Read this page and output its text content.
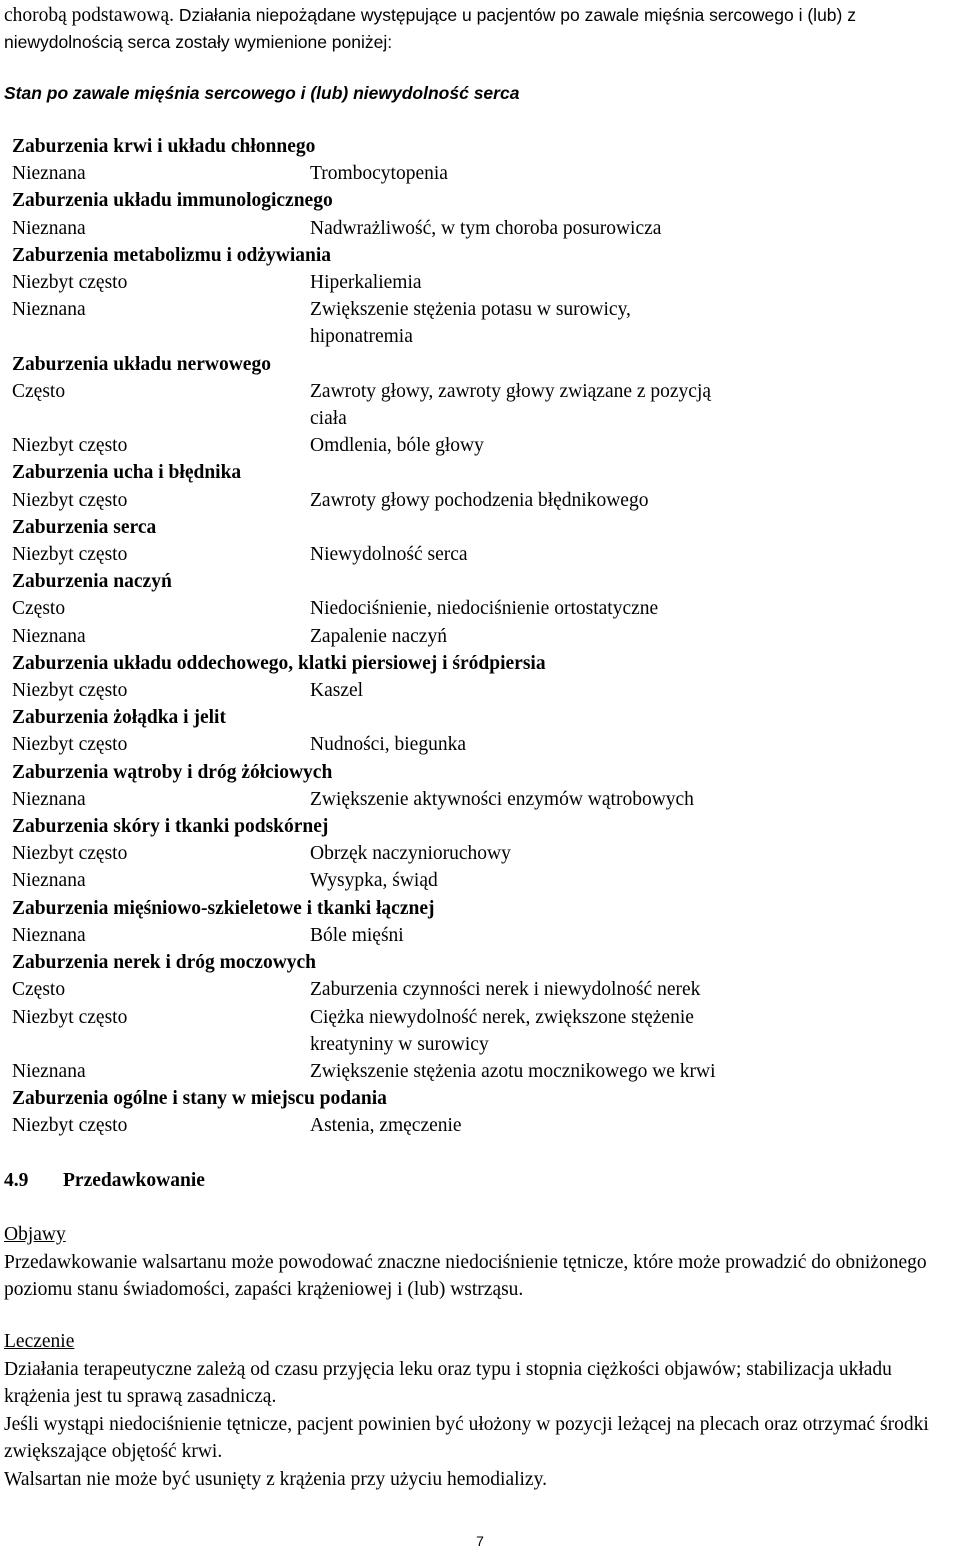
chorobą podstawową. Działania niepożądane występujące u pacjentów po zawale mięśnia sercowego i (lub) z niewydolnością serca zostały wymienione poniżej:

Stan po zawale mięśnia sercowego i (lub) niewydolność serca
Zaburzenia krwi i układu chłonnego
Nieznana	Trombocytopenia
Zaburzenia układu immunologicznego
Nieznana	Nadwrażliwość, w tym choroba posurowicza
Zaburzenia metabolizmu i odżywiania
Niezbyt często	Hiperkaliemia
Nieznana	Zwiększenie stężenia potasu w surowicy,
hiponatremia
Zaburzenia układu nerwowego
Często	Zawroty głowy, zawroty głowy związane z pozycją
ciała
Niezbyt często	Omdlenia, bóle głowy
Zaburzenia ucha i błędnika
Niezbyt często	Zawroty głowy pochodzenia błędnikowego
Zaburzenia serca
Niezbyt często	Niewydolność serca
Zaburzenia naczyń
Często	Niedociśnienie, niedociśnienie ortostatyczne
Nieznana	Zapalenie naczyń
Zaburzenia układu oddechowego, klatki piersiowej i śródpiersia
Niezbyt często	Kaszel
Zaburzenia żołądka i jelit
Niezbyt często	Nudności, biegunka
Zaburzenia wątroby i dróg żółciowych
Nieznana	Zwiększenie aktywności enzymów wątrobowych
Zaburzenia skóry i tkanki podskórnej
Niezbyt często	Obrzęk naczynioruchowy
Nieznana	Wysypka, świąd
Zaburzenia mięśniowo-szkieletowe i tkanki łącznej
Nieznana	Bóle mięśni
Zaburzenia nerek i dróg moczowych
Często	Zaburzenia czynności nerek i niewydolność nerek
Niezbyt często	Ciężka niewydolność nerek, zwiększone stężenie
kreatyniny w surowicy
Nieznana	Zwiększenie stężenia azotu mocznikowego we krwi
Zaburzenia ogólne i stany w miejscu podania
Niezbyt często	Astenia, zmęczenie
4.9 Przedawkowanie

Objawy

Przedawkowanie walsartanu może powodować znaczne niedociśnienie tętnicze, które może prowadzić do obniżonego poziomu stanu świadomości, zapaści krążeniowej i (lub) wstrząsu.

Leczenie

Działania terapeutyczne zależą od czasu przyjęcia leku oraz typu i stopnia ciężkości objawów; stabilizacja układu krążenia jest tu sprawą zasadniczą.

Jeśli wystąpi niedociśnienie tętnicze, pacjent powinien być ułożony w pozycji leżącej na plecach oraz otrzymać środki zwiększające objętość krwi.

Walsartan nie może być usunięty z krążenia przy użyciu hemodializy.

7
